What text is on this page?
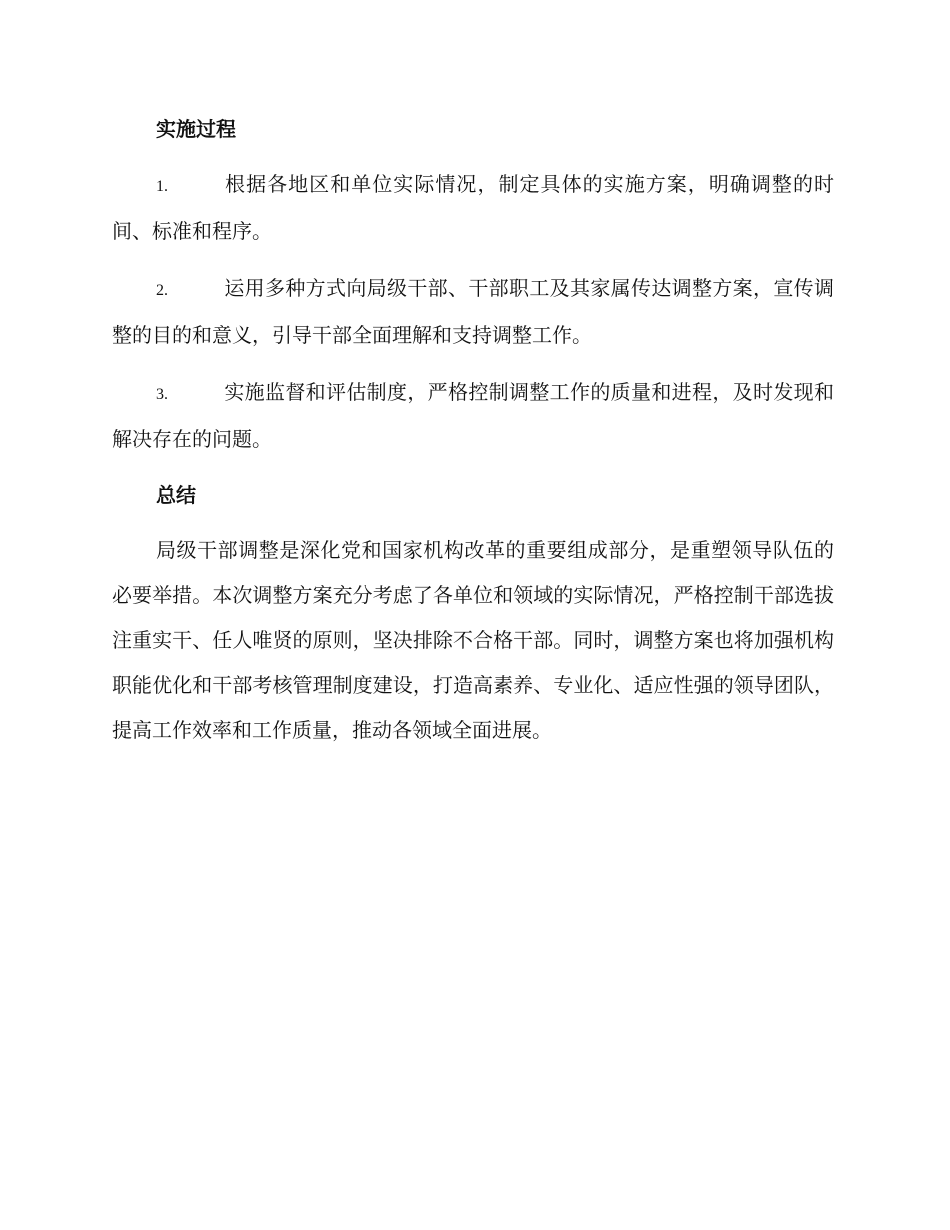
实施过程
1.	根据各地区和单位实际情况，制定具体的实施方案，明确调整的时间、标准和程序。
2.	运用多种方式向局级干部、干部职工及其家属传达调整方案，宣传调整的目的和意义，引导干部全面理解和支持调整工作。
3.	实施监督和评估制度，严格控制调整工作的质量和进程，及时发现和解决存在的问题。
总结

局级干部调整是深化党和国家机构改革的重要组成部分，是重塑领导队伍的必要举措。本次调整方案充分考虑了各单位和领域的实际情况，严格控制干部选拔注重实干、任人唯贤的原则，坚决排除不合格干部。同时，调整方案也将加强机构职能优化和干部考核管理制度建设，打造高素养、专业化、适应性强的领导团队，提高工作效率和工作质量，推动各领域全面进展。
